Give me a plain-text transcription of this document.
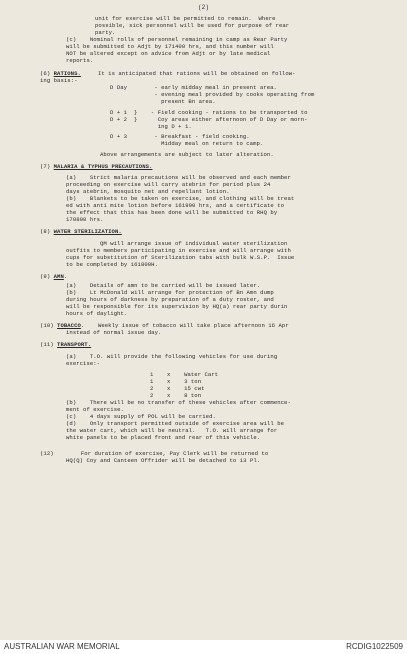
(2)
unit for exercise will be permitted to remain.  Where
possible, sick personnel will be used for purpose of rear
party.
(c)    Nominal rolls of personnel remaining in camp as Rear Party
will be submitted to Adjt by 171400 hrs, and this number will
NOT be altered except on advice from Adjt or by late medical
reports.
(6) RATIONS.     It is anticipated that rations will be obtained on follow-
ing basis:-
D Day        - early midday meal in present area.
- evening meal provided by cooks operating from
present Bn area.
D + 1  }    - Field cooking - rations to be transported to
D + 2  }      Coy areas either afternoon of D Day or morn-
ing D + 1.
D + 3        - Breakfast - field cooking.
Midday meal on return to camp.
Above arrangements are subject to later alteration.
(7) MALARIA & TYPHUS PRECAUTIONS.
(a)    Strict malaria precautions will be observed and each member
proceeding on exercise will carry atebrin for period plus 24
days atebrin, mosquito net and repellant lotion.
(b)    Blankets to be taken on exercise, and clothing will be treat
ed with anti mite lotion before 161900 hrs, and a certificate to
the effect that this has been done will be submitted to RHQ by
170800 hrs.
(8) WATER STERILIZATION.
QM will arrange issue of individual water sterilization
outfits to members participating in exercise and will arrange with
cups for substitution of Sterilization tabs with bulk W.S.P.  Issue
to be completed by 161800H.
(9) AMN.
(a)    Details of amn to be carried will be issued later.
(b)    Lt McDonald will arrange for protection of Bn Amn dump
during hours of darkness by preparation of a duty roster, and
will be responsible for its supervision by HQ(a) rear party durin
hours of daylight.
(10) TOBACCO.    Weekly issue of tobacco will take place afternoon 16 Apr
instead of normal issue day.
(11) TRANSPORT.
(a)    T.O. will provide the following vehicles for use during
exercise:-
1    x    Water Cart
1    x    3 ton
2    x    15 cwt
2    x    8 ton
(b)    There will be no transfer of these vehicles after commence-
ment of exercise.
(c)    4 days supply of POL will be carried.
(d)    Only transport permitted outside of exercise area will be
the water cart, which will be neutral.   T.O. will arrange for
white panels to be placed front and rear of this vehicle.
(12)        For duration of exercise, Pay Clerk will be returned to
HQ(Q) Coy and Canteen Offrider will be detached to 13 Pl.
AUSTRALIAN WAR MEMORIAL	RCDIG1022509
